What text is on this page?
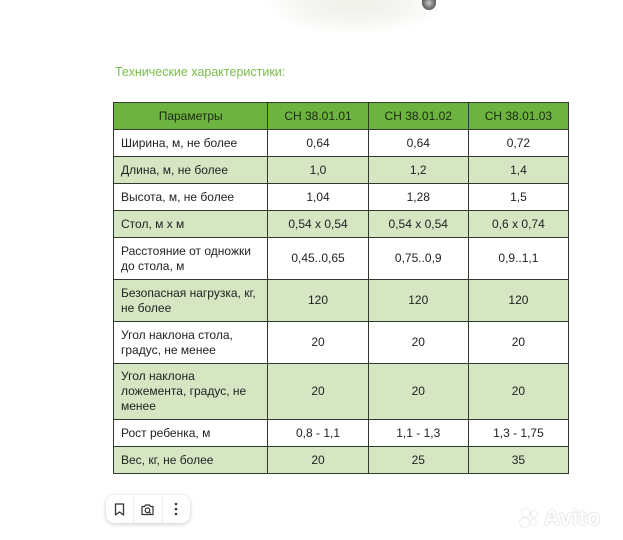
Технические характеристики:
Параметры	СН 38.01.01	СН 38.01.02	СН 38.01.03
Ширина, м, не более	0,64	0,64	0,72
Длина, м, не более	1,0	1,2	1,4
Высота, м, не более	1,04	1,28	1,5
Стол, м х м	0,54 х 0,54	0,54 х 0,54	0,6 х 0,74
Расстояние от одножки до стола, м	0,45..0,65	0,75..0,9	0,9..1,1
Безопасная нагрузка, кг, не более	120	120	120
Угол наклона стола, градус, не менее	20	20	20
Угол наклона ложемента, градус, не менее	20	20	20
Рост ребенка, м	0,8 - 1,1	1,1 - 1,3	1,3 - 1,75
Вес, кг, не более	20	25	35
Avito
